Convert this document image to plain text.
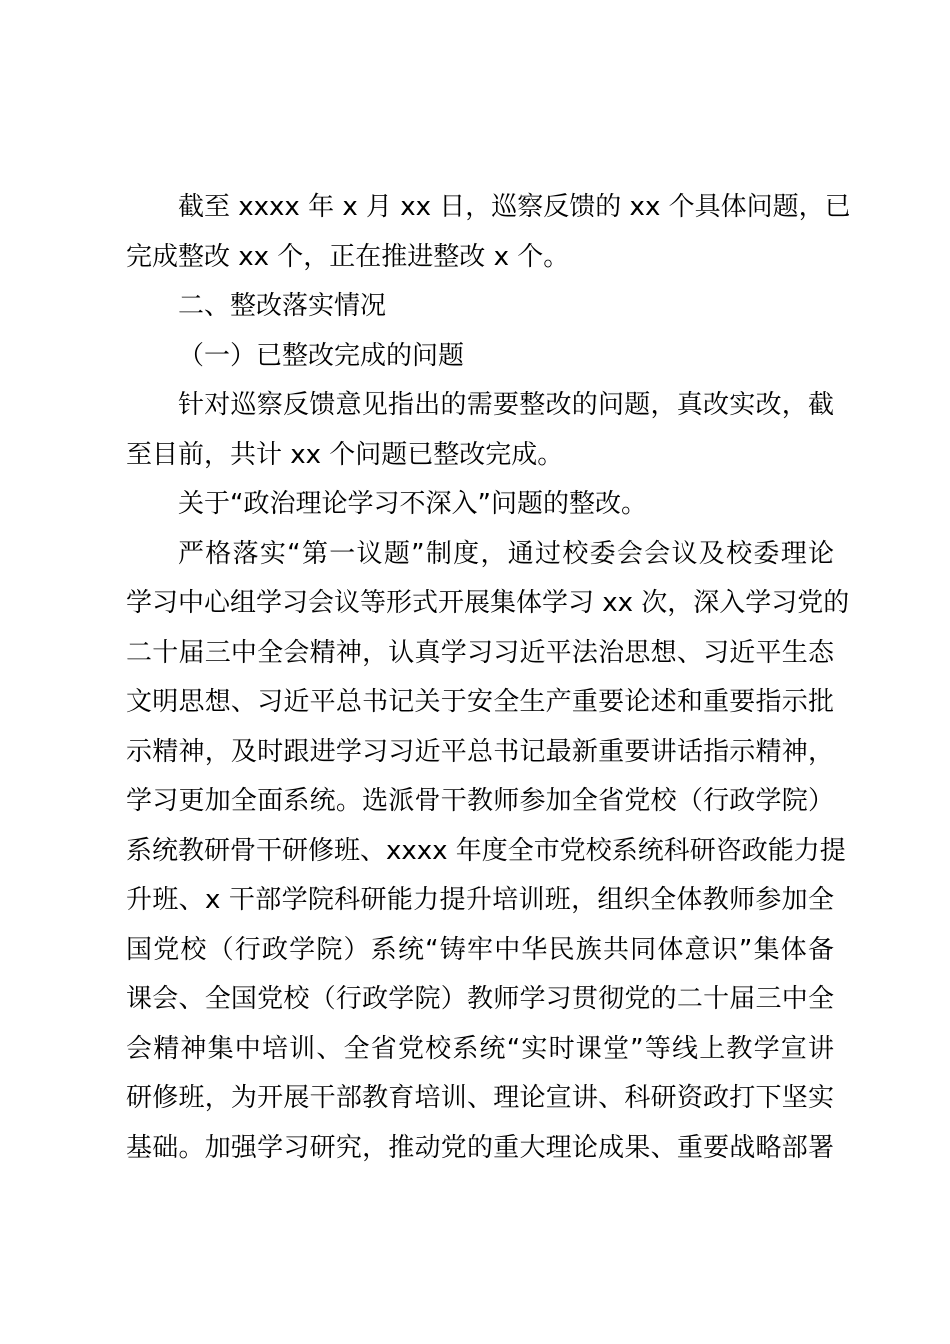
截至 xxxx 年 x 月 xx 日，巡察反馈的 xx 个具体问题，已
完成整改 xx 个，正在推进整改 x 个。
二、整改落实情况
（一）已整改完成的问题
针对巡察反馈意见指出的需要整改的问题，真改实改，截
至目前，共计 xx 个问题已整改完成。
关于“政治理论学习不深入”问题的整改。
严格落实“第一议题”制度，通过校委会会议及校委理论
学习中心组学习会议等形式开展集体学习 xx 次，深入学习党的
二十届三中全会精神，认真学习习近平法治思想、习近平生态
文明思想、习近平总书记关于安全生产重要论述和重要指示批
示精神，及时跟进学习习近平总书记最新重要讲话指示精神，
学习更加全面系统。选派骨干教师参加全省党校（行政学院）
系统教研骨干研修班、xxxx 年度全市党校系统科研咨政能力提
升班、x 干部学院科研能力提升培训班，组织全体教师参加全
国党校（行政学院）系统“铸牢中华民族共同体意识”集体备
课会、全国党校（行政学院）教师学习贯彻党的二十届三中全
会精神集中培训、全省党校系统“实时课堂”等线上教学宣讲
研修班，为开展干部教育培训、理论宣讲、科研资政打下坚实
基础。加强学习研究，推动党的重大理论成果、重要战略部署
